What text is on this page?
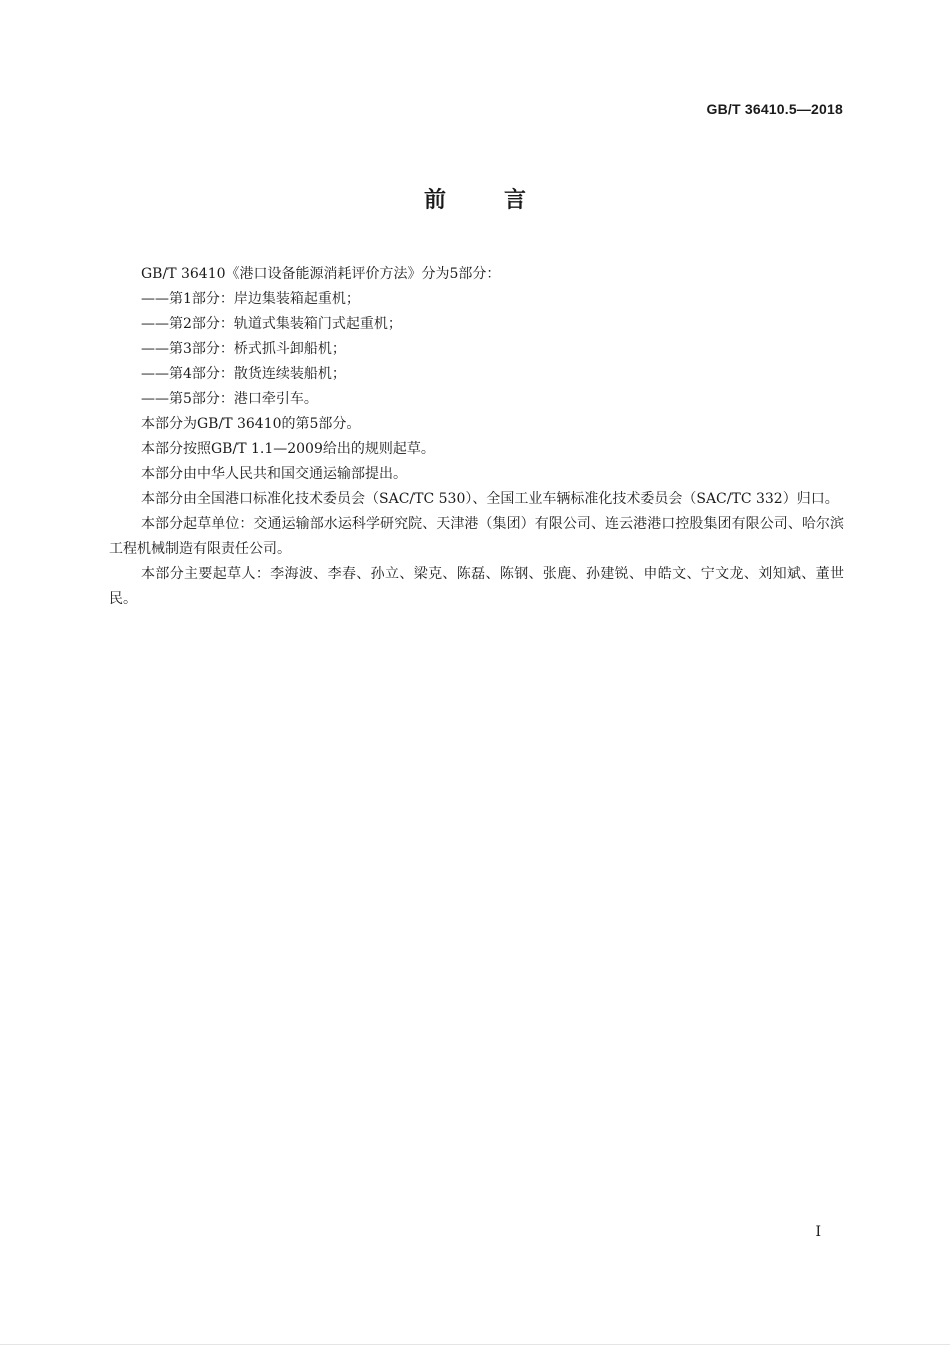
GB/T 36410.5—2018
前言

GB/T 36410《港口设备能源消耗评价方法》分为5部分：

——第1部分：岸边集装箱起重机；

——第2部分：轨道式集装箱门式起重机；

——第3部分：桥式抓斗卸船机；

——第4部分：散货连续装船机；

——第5部分：港口牵引车。

本部分为GB/T 36410的第5部分。

本部分按照GB/T 1.1—2009给出的规则起草。

本部分由中华人民共和国交通运输部提出。

本部分由全国港口标准化技术委员会（SAC/TC 530）、全国工业车辆标准化技术委员会（SAC/TC 332）归口。

本部分起草单位：交通运输部水运科学研究院、天津港（集团）有限公司、连云港港口控股集团有限公司、哈尔滨工程机械制造有限责任公司。

本部分主要起草人：李海波、李春、孙立、梁克、陈磊、陈钢、张鹿、孙建锐、申皓文、宁文龙、刘知斌、董世民。

I
